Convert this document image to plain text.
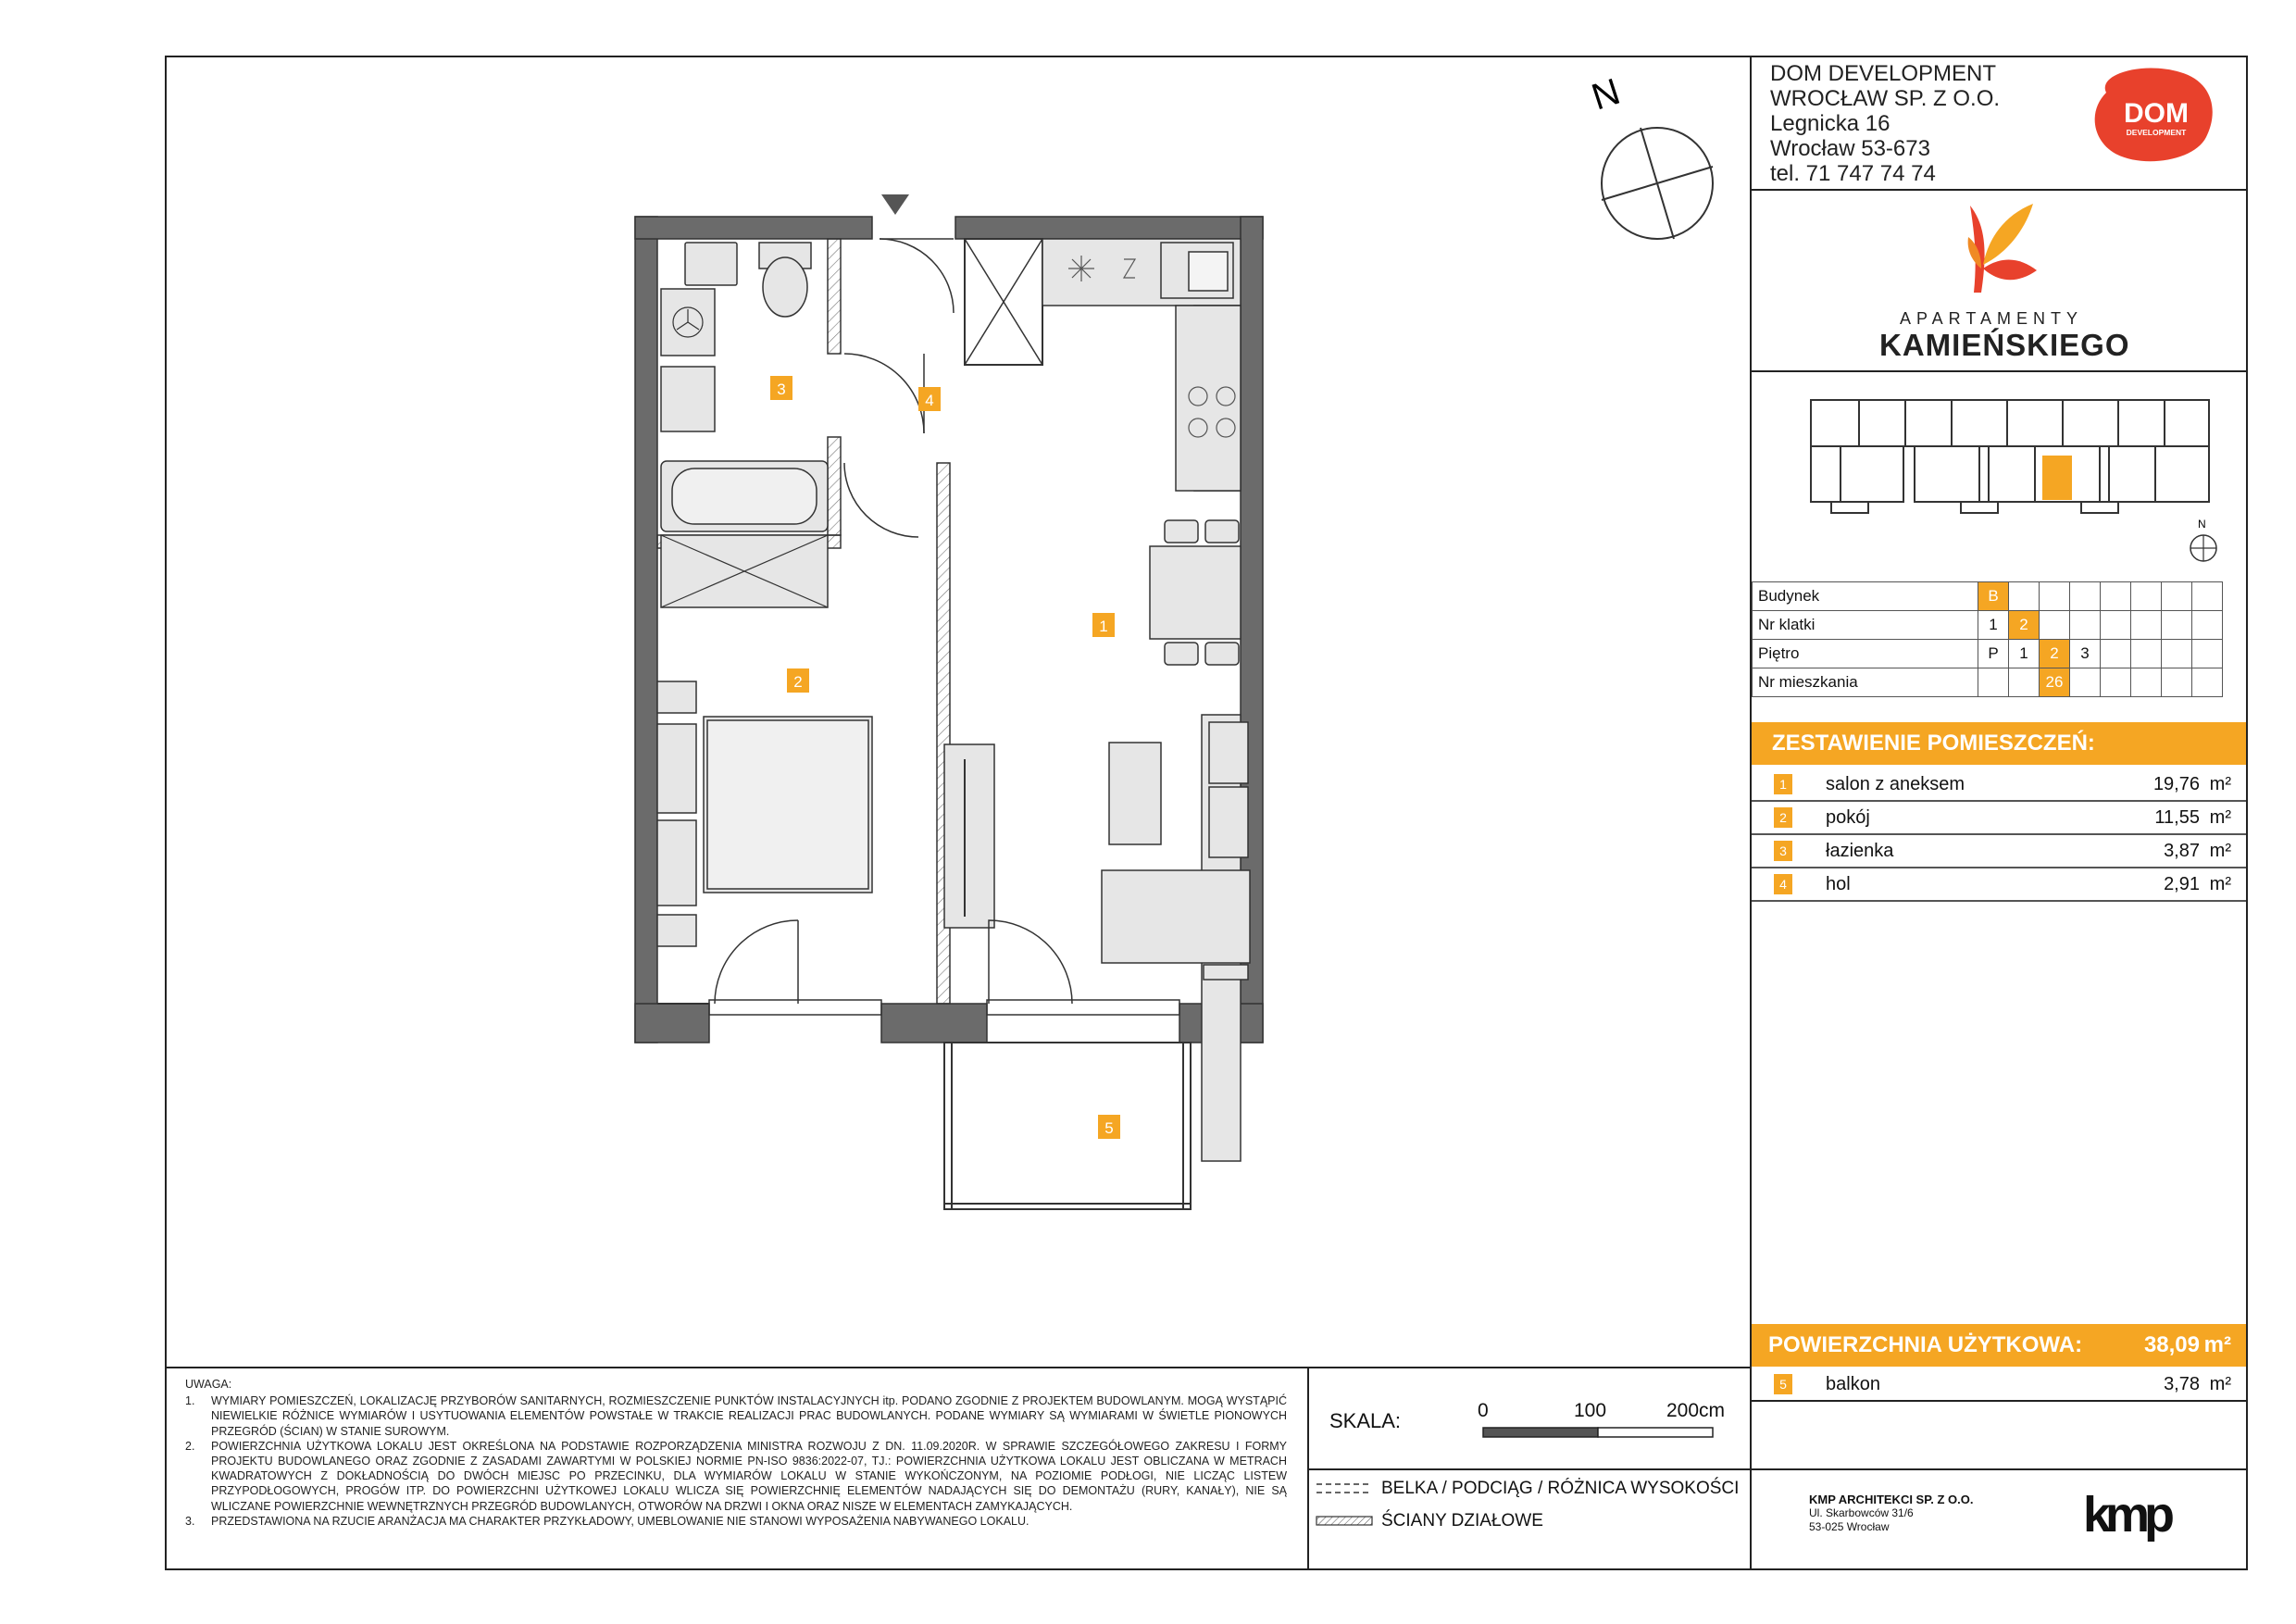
DOM DEVELOPMENT
WROCŁAW SP. Z O.O.
Legnicka 16
Wrocław 53-673
tel. 71 747 74 74
DOM
DEVELOPMENT
APARTAMENTY
KAMIEŃSKIEGO
N
Budynek	B							
Nr klatki	1	2						
Piętro	P	1	2	3				
Nr mieszkania			26					
ZESTAWIENIE POMIESZCZEŃ:
1	salon z aneksem	19,76 m²
2	pokój	11,55 m²
3	łazienka	3,87 m²
4	hol	2,91 m²
POWIERZCHNIA UŻYTKOWA:	38,09 m²
5	balkon	3,78 m²
N
3
4
1
2
5
UWAGA:
1. WYMIARY POMIESZCZEŃ, LOKALIZACJĘ PRZYBORÓW SANITARNYCH, ROZMIESZCZENIE PUNKTÓW INSTALACYJNYCH itp. PODANO ZGODNIE Z PROJEKTEM BUDOWLANYM. MOGĄ WYSTĄPIĆ NIEWIELKIE RÓŻNICE WYMIARÓW I USYTUOWANIA ELEMENTÓW POWSTAŁE W TRAKCIE REALIZACJI PRAC BUDOWLANYCH. PODANE WYMIARY SĄ WYMIARAMI W ŚWIETLE PIONOWYCH PRZEGRÓD (ŚCIAN) W STANIE SUROWYM.
2. POWIERZCHNIA UŻYTKOWA LOKALU JEST OKREŚLONA NA PODSTAWIE ROZPORZĄDZENIA MINISTRA ROZWOJU Z DN. 11.09.2020R. W SPRAWIE SZCZEGÓŁOWEGO ZAKRESU I FORMY PROJEKTU BUDOWLANEGO ORAZ ZGODNIE Z ZASADAMI ZAWARTYMI W POLSKIEJ NORMIE PN-ISO 9836:2022-07, TJ.: POWIERZCHNIA UŻYTKOWA LOKALU JEST OBLICZANA W METRACH KWADRATOWYCH Z DOKŁADNOŚCIĄ DO DWÓCH MIEJSC PO PRZECINKU, DLA WYMIARÓW LOKALU W STANIE WYKOŃCZONYM, NA POZIOMIE PODŁOGI, NIE LICZĄC LISTEW PRZYPODŁOGOWYCH, PROGÓW ITP. DO POWIERZCHNI UŻYTKOWEJ LOKALU WLICZA SIĘ POWIERZCHNIĘ ELEMENTÓW NADAJĄCYCH SIĘ DO DEMONTAŻU (RURY, KANAŁY), NIE SĄ WLICZANE POWIERZCHNIE WEWNĘTRZNYCH PRZEGRÓD BUDOWLANYCH, OTWORÓW NA DRZWI I OKNA ORAZ NISZE W ELEMENTACH ZAMYKAJĄCYCH.
3. PRZEDSTAWIONA NA RZUCIE ARANŻACJA MA CHARAKTER PRZYKŁADOWY, UMEBLOWANIE NIE STANOWI WYPOSAŻENIA NABYWANEGO LOKALU.
SKALA:	0	100	200cm
BELKA / PODCIĄG / RÓŻNICA WYSOKOŚCI
ŚCIANY DZIAŁOWE
KMP ARCHITEKCI SP. Z O.O.
Ul. Skarbowców 31/6
53-025 Wrocław	kmp
